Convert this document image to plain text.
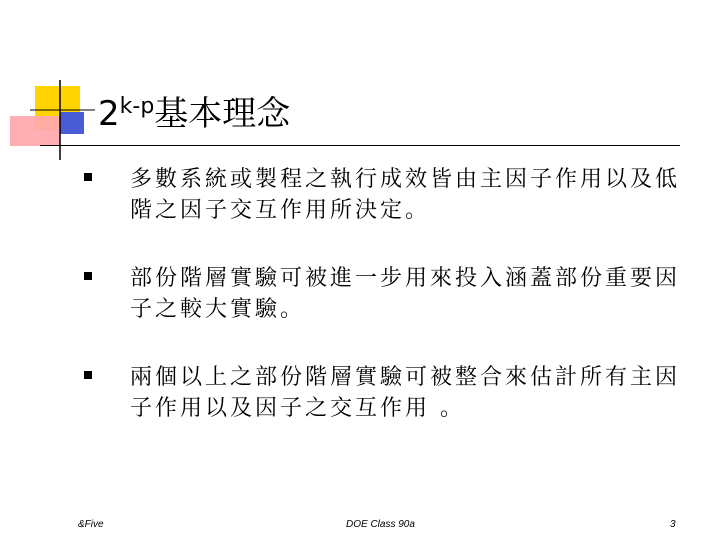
2$^{k-p}$基本理念
多數系統或製程之執行成效皆由主因子作用以及低階之因子交互作用所決定。
部份階層實驗可被進一步用來投入涵蓋部份重要因子之較大實驗。
兩個以上之部份階層實驗可被整合來估計所有主因子作用以及因子之交互作用 。
&Five	DOE Class 90a	3
